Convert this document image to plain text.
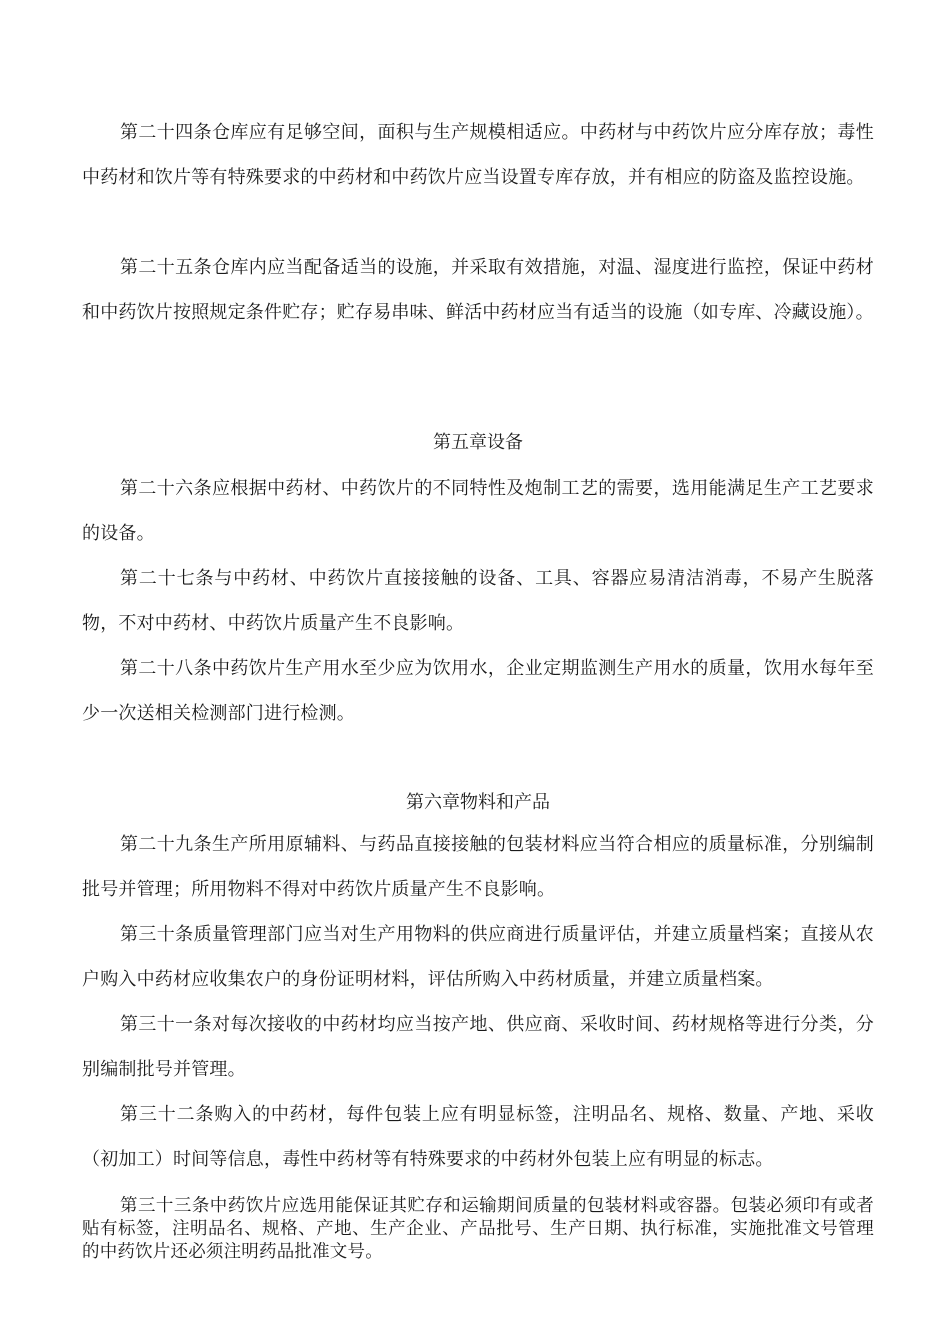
第二十四条仓库应有足够空间，面积与生产规模相适应。中药材与中药饮片应分库存放；毒性中药材和饮片等有特殊要求的中药材和中药饮片应当设置专库存放，并有相应的防盗及监控设施。

第二十五条仓库内应当配备适当的设施，并采取有效措施，对温、湿度进行监控，保证中药材和中药饮片按照规定条件贮存；贮存易串味、鲜活中药材应当有适当的设施（如专库、冷藏设施）。

第五章设备

第二十六条应根据中药材、中药饮片的不同特性及炮制工艺的需要，选用能满足生产工艺要求的设备。

第二十七条与中药材、中药饮片直接接触的设备、工具、容器应易清洁消毒，不易产生脱落物，不对中药材、中药饮片质量产生不良影响。

第二十八条中药饮片生产用水至少应为饮用水，企业定期监测生产用水的质量，饮用水每年至少一次送相关检测部门进行检测。

第六章物料和产品

第二十九条生产所用原辅料、与药品直接接触的包装材料应当符合相应的质量标准，分别编制批号并管理；所用物料不得对中药饮片质量产生不良影响。

第三十条质量管理部门应当对生产用物料的供应商进行质量评估，并建立质量档案；直接从农户购入中药材应收集农户的身份证明材料，评估所购入中药材质量，并建立质量档案。

第三十一条对每次接收的中药材均应当按产地、供应商、采收时间、药材规格等进行分类，分别编制批号并管理。

第三十二条购入的中药材，每件包装上应有明显标签，注明品名、规格、数量、产地、采收（初加工）时间等信息，毒性中药材等有特殊要求的中药材外包装上应有明显的标志。

第三十三条中药饮片应选用能保证其贮存和运输期间质量的包装材料或容器。包装必须印有或者贴有标签，注明品名、规格、产地、生产企业、产品批号、生产日期、执行标准，实施批准文号管理的中药饮片还必须注明药品批准文号。
